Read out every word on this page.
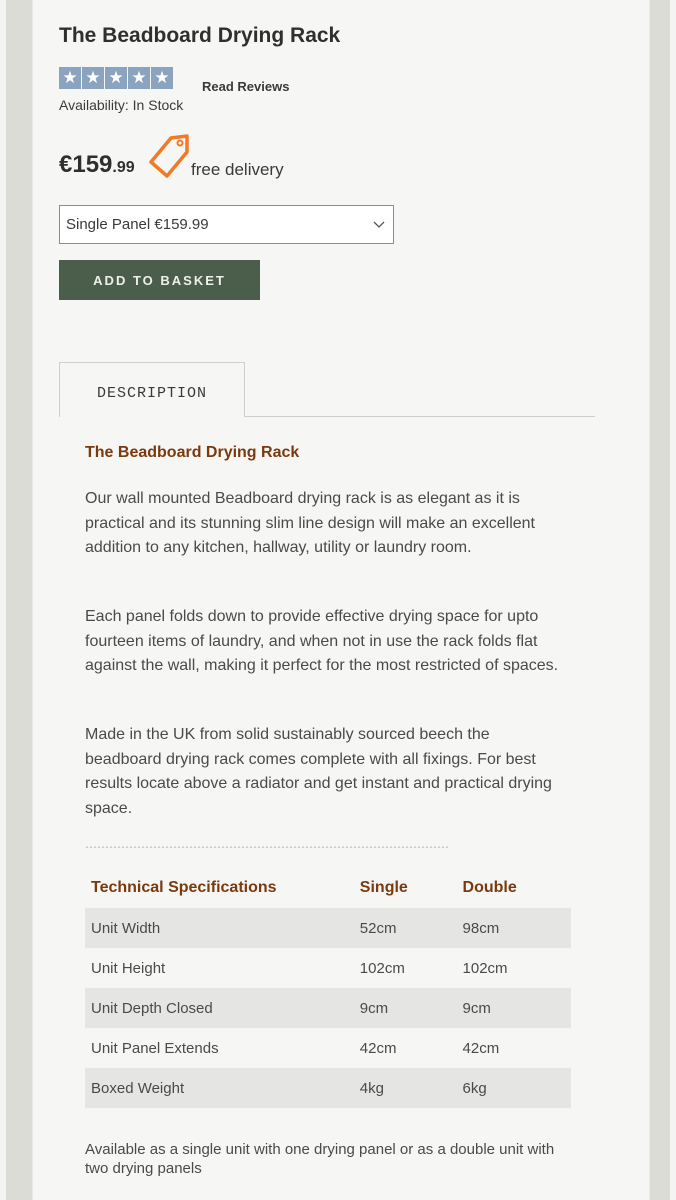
The Beadboard Drying Rack
★ ★ ★ ★ ★ Read Reviews
Availability: In Stock
€159.99	free delivery
Single Panel €159.99
ADD TO BASKET
DESCRIPTION
The Beadboard Drying Rack
Our wall mounted Beadboard drying rack is as elegant as it is practical and its stunning slim line design will make an excellent addition to any kitchen, hallway, utility or laundry room.
Each panel folds down to provide effective drying space for upto fourteen items of laundry, and when not in use the rack folds flat against the wall, making it perfect for the most restricted of spaces.
Made in the UK from solid sustainably sourced beech the beadboard drying rack comes complete with all fixings. For best results locate above a radiator and get instant and practical drying space.
Technical Specifications	Single	Double
Unit Width	52cm	98cm
Unit Height	102cm	102cm
Unit Depth Closed	9cm	9cm
Unit Panel Extends	42cm	42cm
Boxed Weight	4kg	6kg
Available as a single unit with one drying panel or as a double unit with two drying panels
